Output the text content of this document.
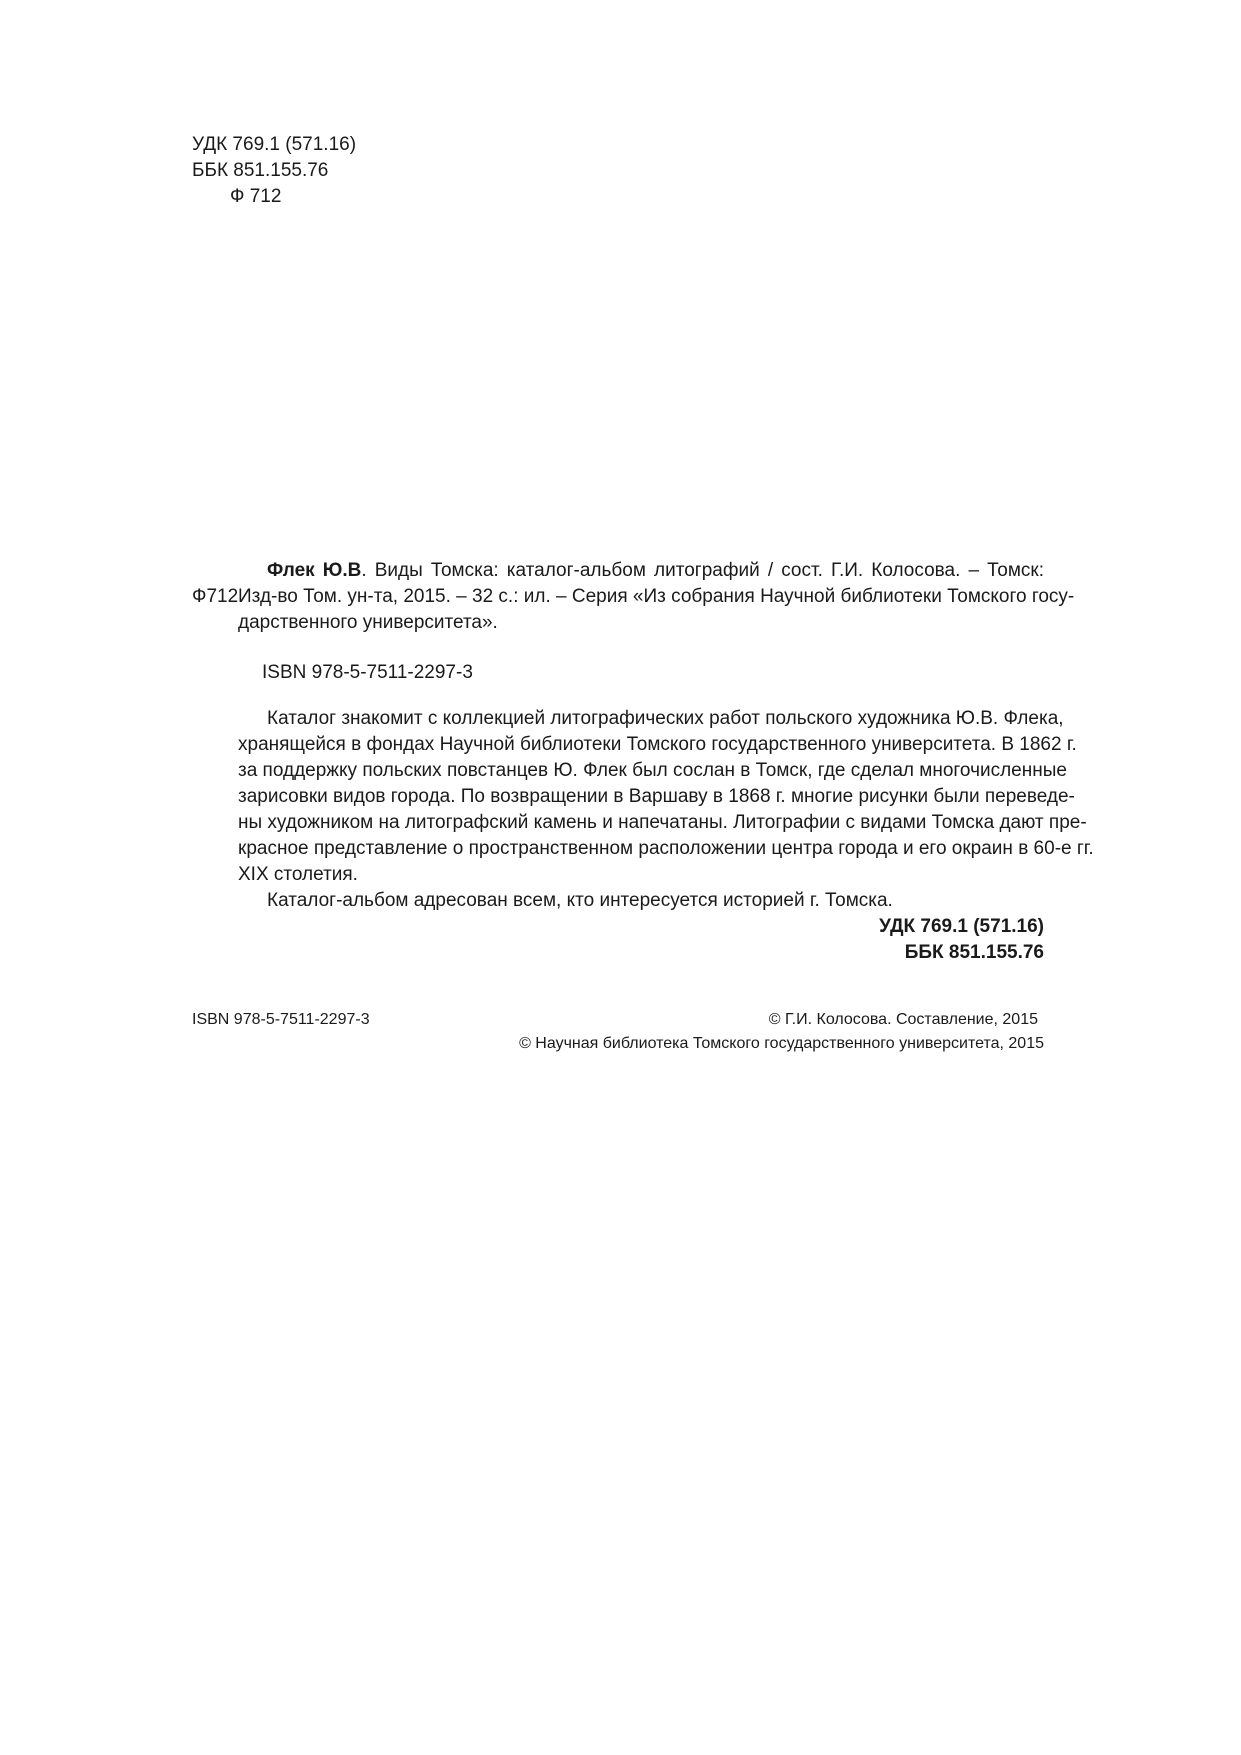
УДК 769.1 (571.16)
ББК 851.155.76
Ф 712
Флек Ю.В. Виды Томска: каталог-альбом литографий / сост. Г.И. Колосова. – Томск:
Ф712 Изд-во Том. ун-та, 2015. – 32 с.: ил. – Серия «Из собрания Научной библиотеки Томского госу-
дарственного университета».
ISBN 978-5-7511-2297-3
Каталог знакомит с коллекцией литографических работ польского художника Ю.В. Флека,
хранящейся в фондах Научной библиотеки Томского государственного университета. В 1862 г.
за поддержку польских повстанцев Ю. Флек был сослан в Томск, где сделал многочисленные
зарисовки видов города. По возвращении в Варшаву в 1868 г. многие рисунки были переведе-
ны художником на литографский камень и напечатаны. Литографии с видами Томска дают пре-
красное представление о пространственном расположении центра города и его окраин в 60-е гг.
XIX столетия.
Каталог-альбом адресован всем, кто интересуется историей г. Томска.
УДК 769.1 (571.16)
ББК 851.155.76
ISBN 978-5-7511-2297-3	© Г.И. Колосова. Составление, 2015
© Научная библиотека Томского государственного университета, 2015
